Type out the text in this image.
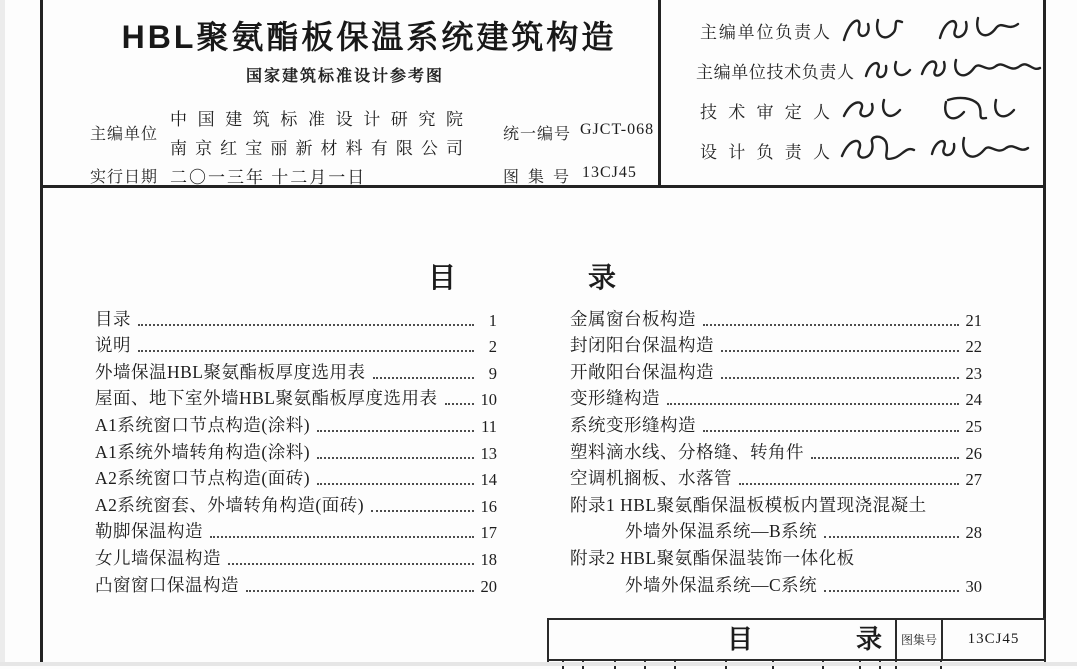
HBL聚氨酯板保温系统建筑构造
国家建筑标准设计参考图
主编单位
中国建筑标准设计研究院
南京红宝丽新材料有限公司
实行日期 二〇一三年 十二月一日
统一编号 GJCT-068
图集号 13CJ45
主编单位负责人
主编单位技术负责人
技术审定人
设计负责人
目	录
目录	1
说明	2
外墙保温HBL聚氨酯板厚度选用表	9
屋面、地下室外墙HBL聚氨酯板厚度选用表	10
A1系统窗口节点构造(涂料)	11
A1系统外墙转角构造(涂料)	13
A2系统窗口节点构造(面砖)	14
A2系统窗套、外墙转角构造(面砖)	16
勒脚保温构造	17
女儿墙保温构造	18
凸窗窗口保温构造	20
金属窗台板构造	21
封闭阳台保温构造	22
开敞阳台保温构造	23
变形缝构造	24
系统变形缝构造	25
塑料滴水线、分格缝、转角件	26
空调机搁板、水落管	27
附录1 HBL聚氨酯保温板模板内置现浇混凝土
外墙外保温系统—B系统	28
附录2 HBL聚氨酯保温装饰一体化板
外墙外保温系统—C系统	30
目	录	图集号	13CJ45
